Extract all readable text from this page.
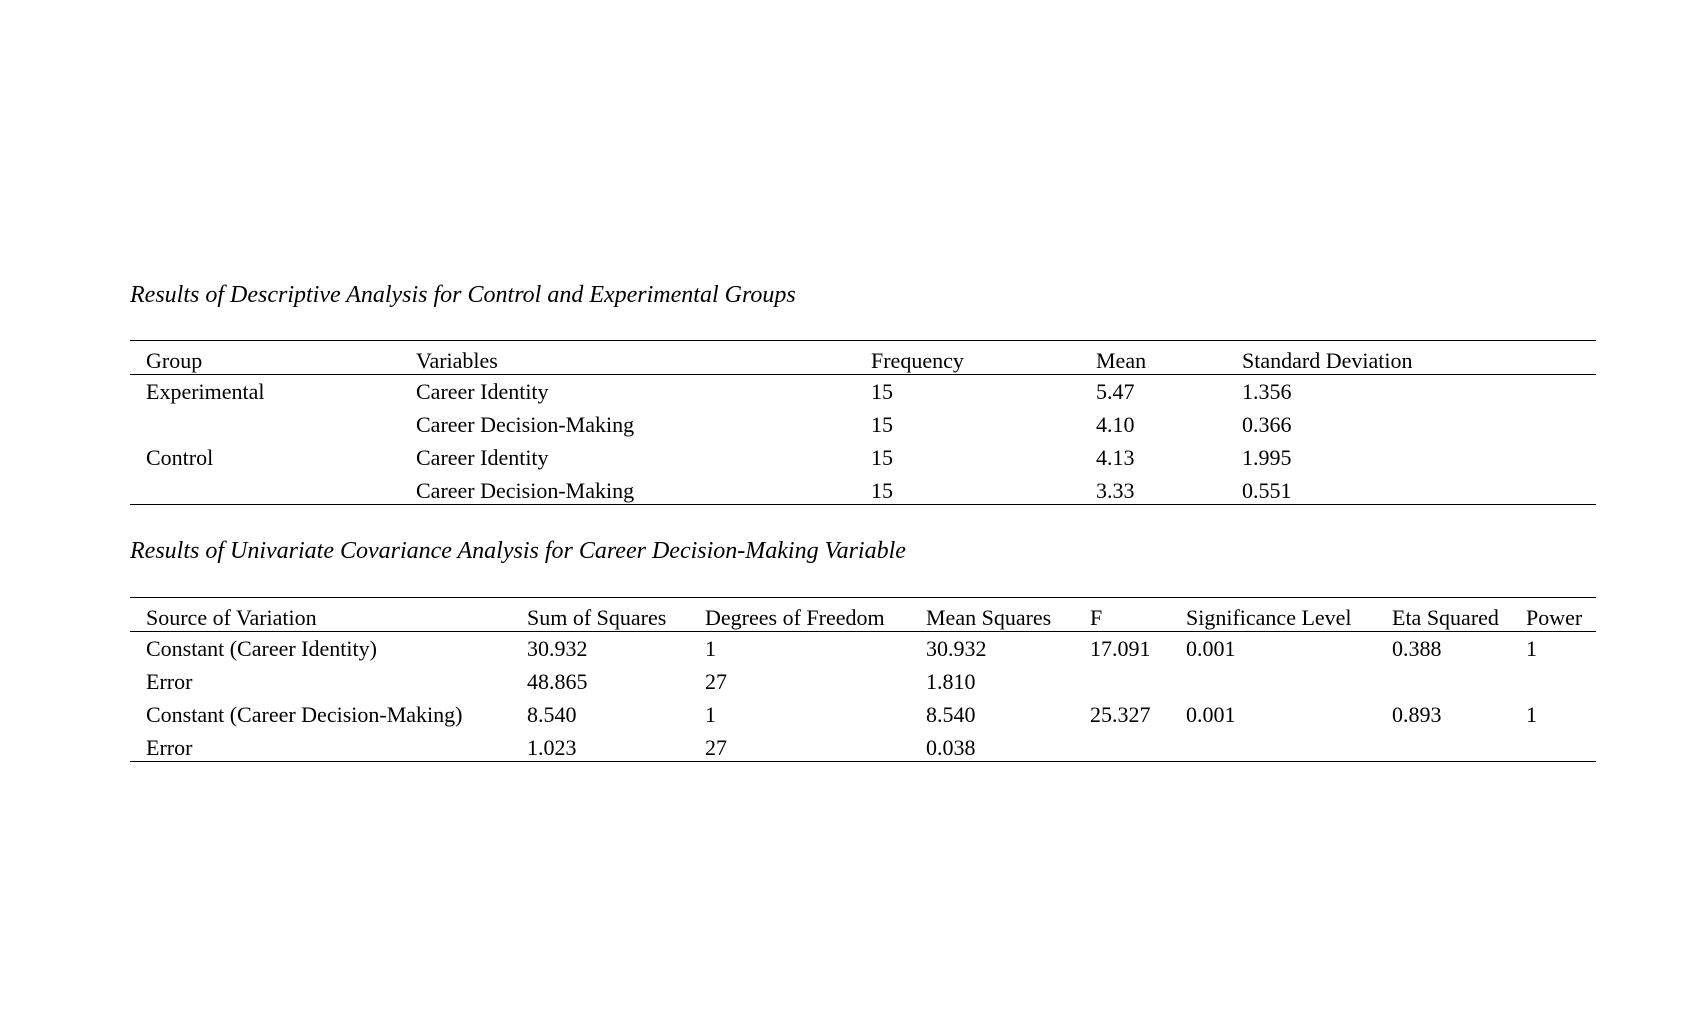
Results of Descriptive Analysis for Control and Experimental Groups
Group	Variables	Frequency	Mean	Standard Deviation
Experimental	Career Identity	15	5.47	1.356
	Career Decision-Making	15	4.10	0.366
Control	Career Identity	15	4.13	1.995
	Career Decision-Making	15	3.33	0.551
Results of Univariate Covariance Analysis for Career Decision-Making Variable
Source of Variation	Sum of Squares	Degrees of Freedom	Mean Squares	F	Significance Level	Eta Squared	Power
Constant (Career Identity)	30.932	1	30.932	17.091	0.001	0.388	1
Error	48.865	27	1.810				
Constant (Career Decision-Making)	8.540	1	8.540	25.327	0.001	0.893	1
Error	1.023	27	0.038				
